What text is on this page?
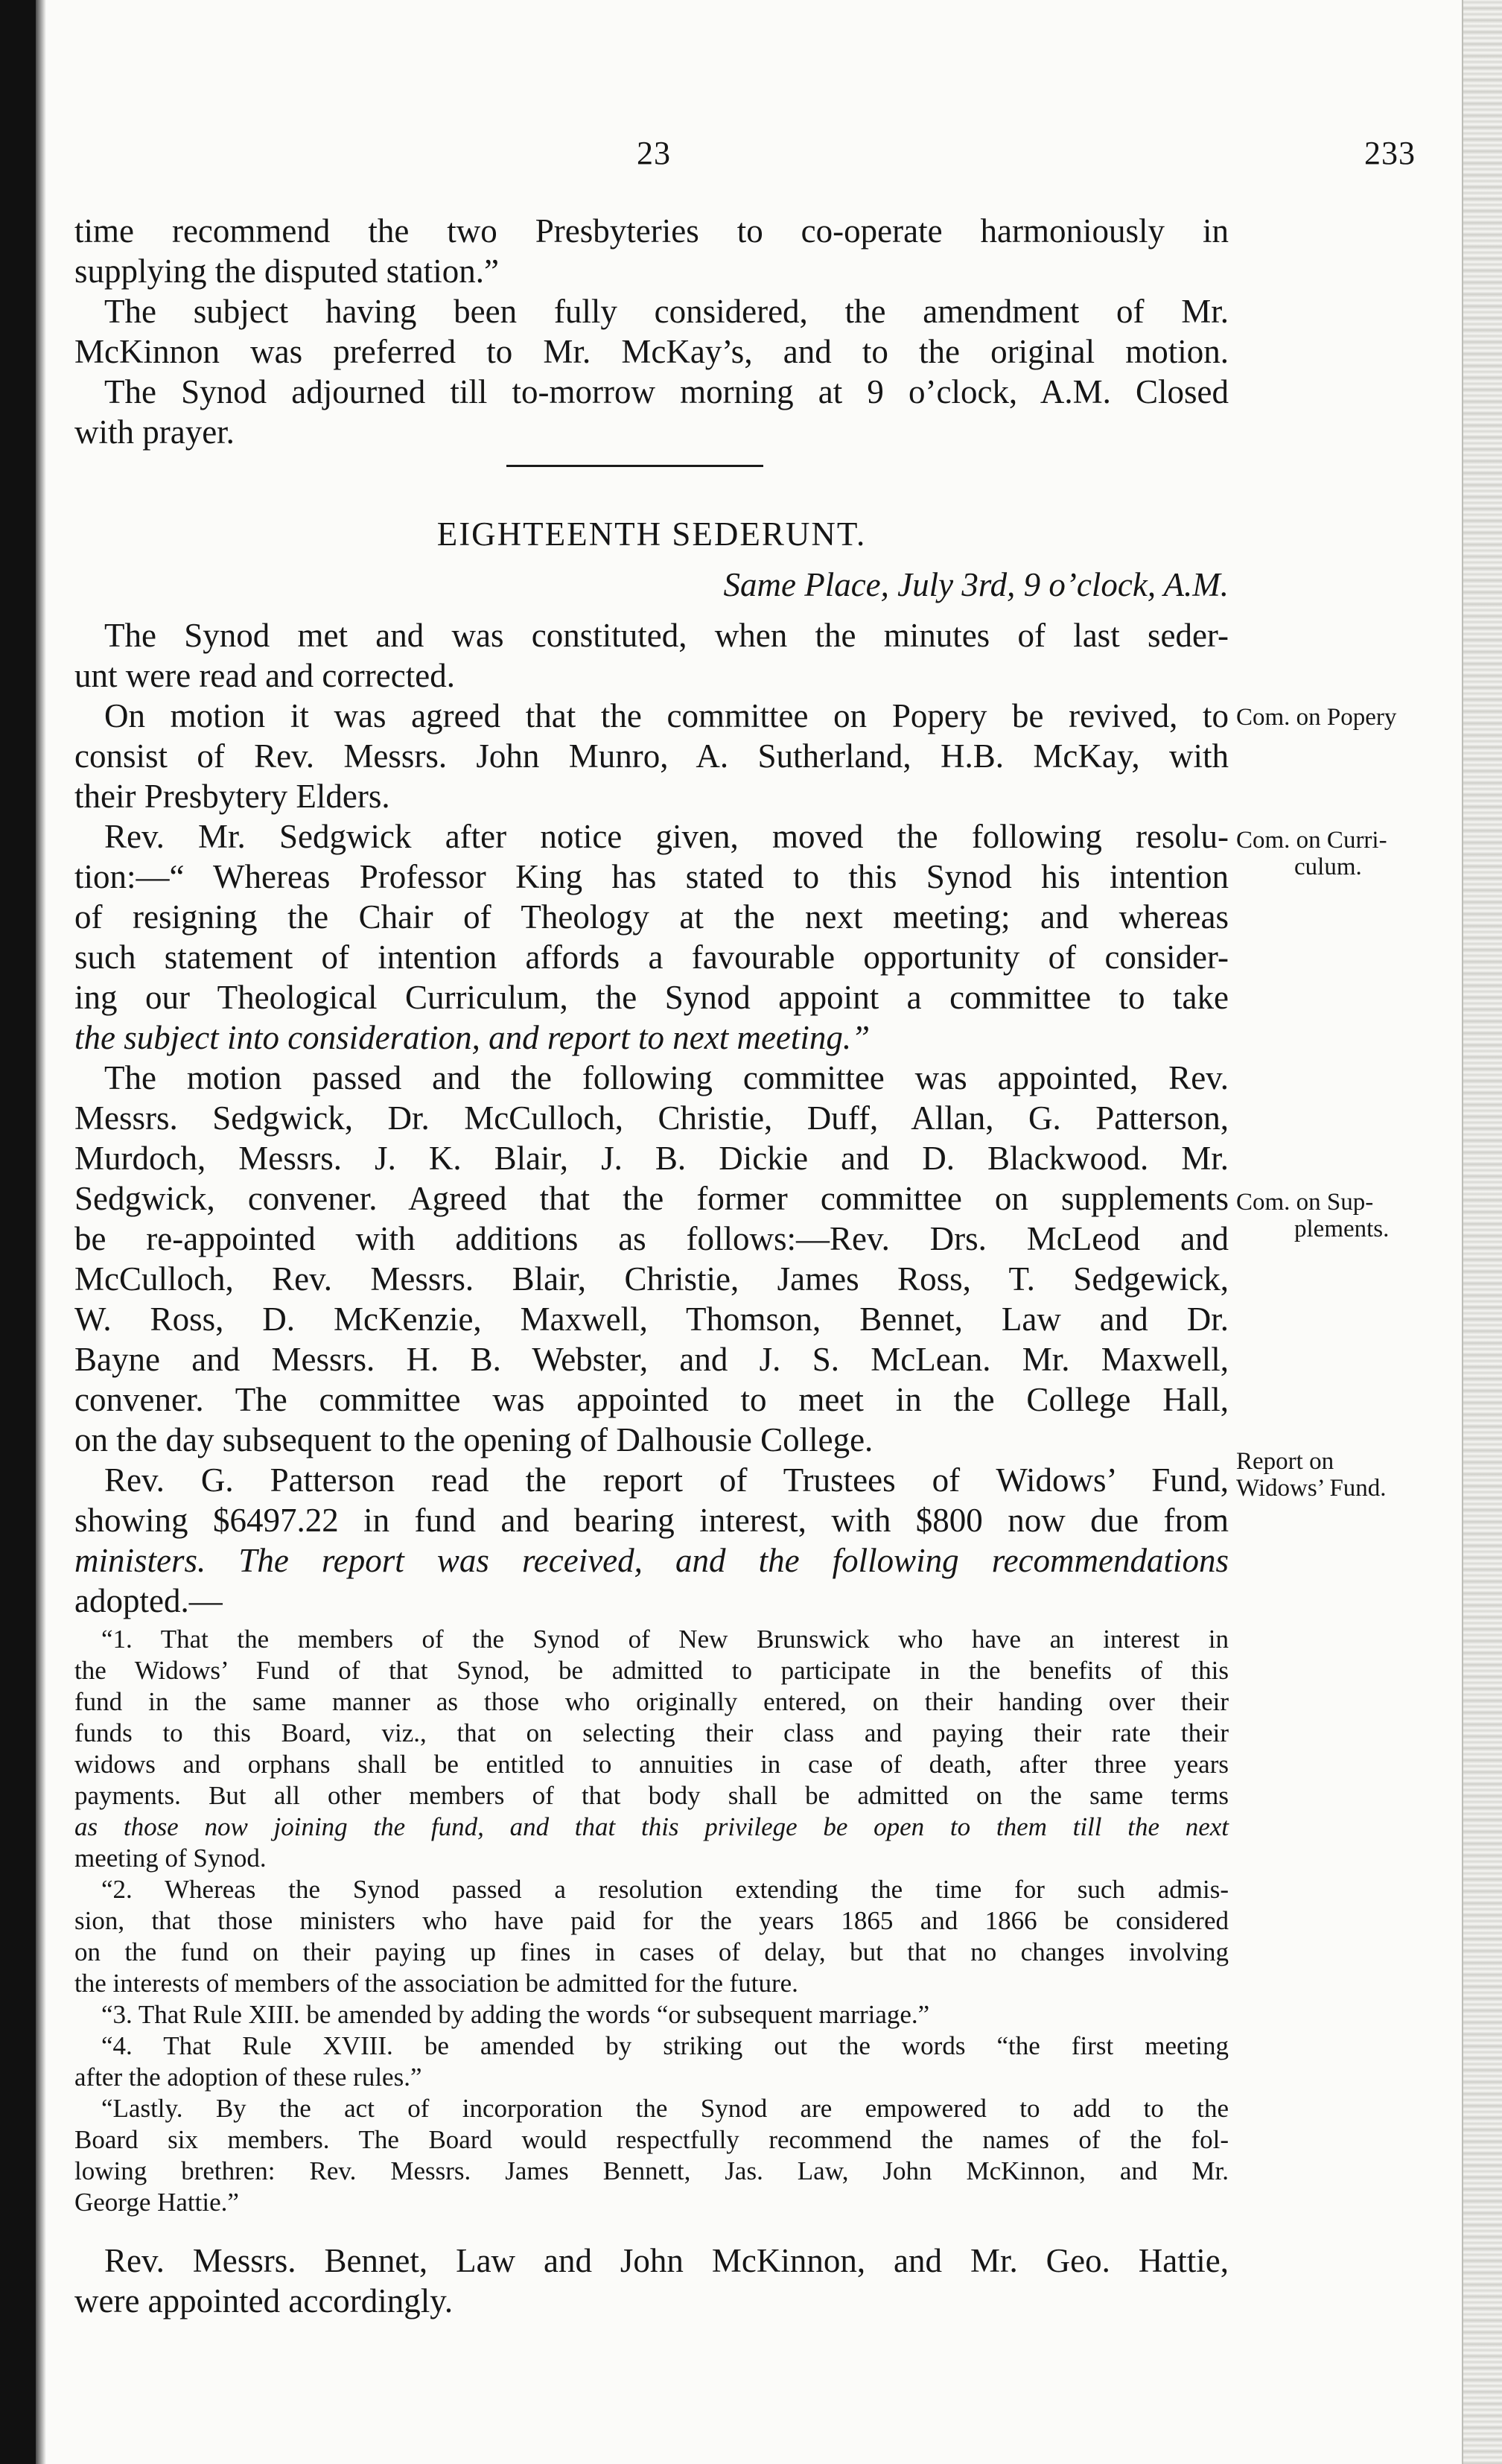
23	233
time recommend the two Presbyteries to co-operate harmoniously in
supplying the disputed station.”
The subject having been fully considered, the amendment of Mr.
McKinnon was preferred to Mr. McKay’s, and to the original motion.
The Synod adjourned till to-morrow morning at 9 o’clock, A.M. Closed
with prayer.
EIGHTEENTH SEDERUNT.
Same Place, July 3rd, 9 o’clock, A.M.
The Synod met and was constituted, when the minutes of last seder-
unt were read and corrected.
On motion it was agreed that the committee on Popery be revived, to
consist of Rev. Messrs. John Munro, A. Sutherland, H.B. McKay, with
their Presbytery Elders.
Rev. Mr. Sedgwick after notice given, moved the following resolu-
tion:—“ Whereas Professor King has stated to this Synod his intention
of resigning the Chair of Theology at the next meeting; and whereas
such statement of intention affords a favourable opportunity of consider-
ing our Theological Curriculum, the Synod appoint a committee to take
the subject into consideration, and report to next meeting.”
The motion passed and the following committee was appointed, Rev.
Messrs. Sedgwick, Dr. McCulloch, Christie, Duff, Allan, G. Patterson,
Murdoch, Messrs. J. K. Blair, J. B. Dickie and D. Blackwood. Mr.
Sedgwick, convener. Agreed that the former committee on supplements
be re-appointed with additions as follows:—Rev. Drs. McLeod and
McCulloch, Rev. Messrs. Blair, Christie, James Ross, T. Sedgewick,
W. Ross, D. McKenzie, Maxwell, Thomson, Bennet, Law and Dr.
Bayne and Messrs. H. B. Webster, and J. S. McLean. Mr. Maxwell,
convener. The committee was appointed to meet in the College Hall,
on the day subsequent to the opening of Dalhousie College.
Rev. G. Patterson read the report of Trustees of Widows’ Fund,
showing $6497.22 in fund and bearing interest, with $800 now due from
ministers. The report was received, and the following recommendations
adopted.—
“1. That the members of the Synod of New Brunswick who have an interest in
the Widows’ Fund of that Synod, be admitted to participate in the benefits of this
fund in the same manner as those who originally entered, on their handing over their
funds to this Board, viz., that on selecting their class and paying their rate their
widows and orphans shall be entitled to annuities in case of death, after three years
payments. But all other members of that body shall be admitted on the same terms
as those now joining the fund, and that this privilege be open to them till the next
meeting of Synod.
“2. Whereas the Synod passed a resolution extending the time for such admis-
sion, that those ministers who have paid for the years 1865 and 1866 be considered
on the fund on their paying up fines in cases of delay, but that no changes involving
the interests of members of the association be admitted for the future.
“3. That Rule XIII. be amended by adding the words “or subsequent marriage.”
“4. That Rule XVIII. be amended by striking out the words “the first meeting
after the adoption of these rules.”
“Lastly. By the act of incorporation the Synod are empowered to add to the
Board six members. The Board would respectfully recommend the names of the fol-
lowing brethren: Rev. Messrs. James Bennett, Jas. Law, John McKinnon, and Mr.
George Hattie.”
Rev. Messrs. Bennet, Law and John McKinnon, and Mr. Geo. Hattie,
were appointed accordingly.
Com. on Popery
Com. on Curri-
culum.
Com. on Sup-
plements.
Report on
Widows’ Fund.
